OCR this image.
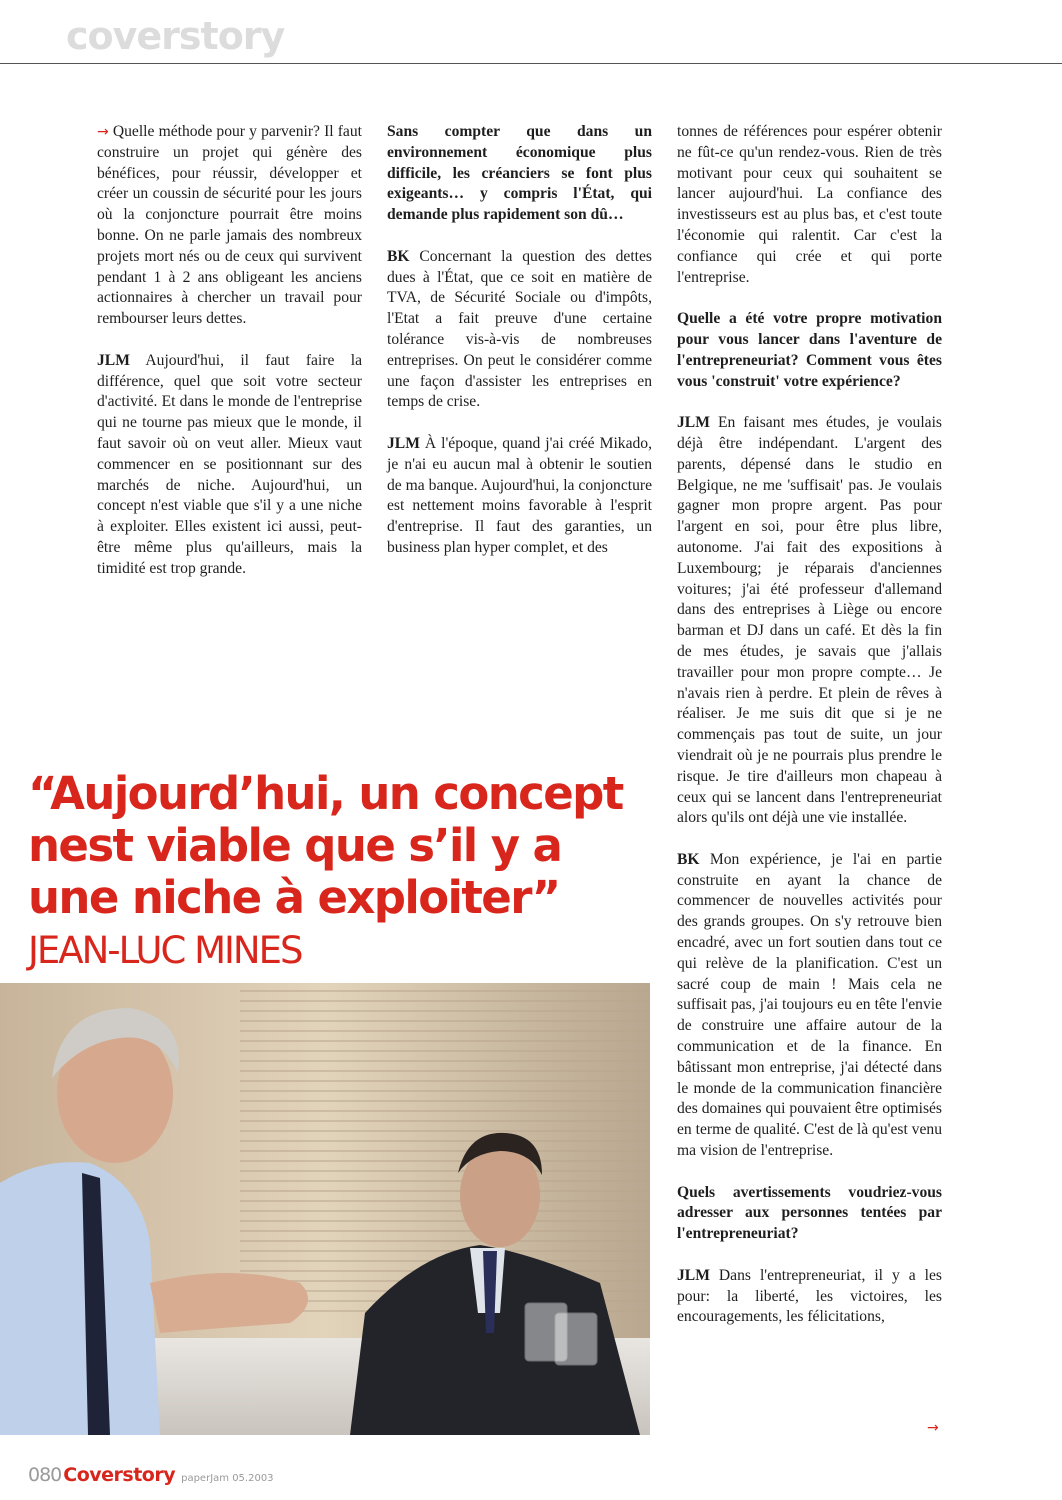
coverstory

→ Quelle méthode pour y parvenir? Il faut construire un projet qui génère des bénéfices, pour réussir, développer et créer un coussin de sécurité pour les jours où la conjoncture pourrait être moins bonne. On ne parle jamais des nombreux projets mort nés ou de ceux qui survivent pendant 1 à 2 ans obligeant les anciens actionnaires à chercher un travail pour rembourser leurs dettes.

JLM Aujourd'hui, il faut faire la différence, quel que soit votre secteur d'activité. Et dans le monde de l'entreprise qui ne tourne pas mieux que le monde, il faut savoir où on veut aller. Mieux vaut commencer en se positionnant sur des marchés de niche. Aujourd'hui, un concept n'est viable que s'il y a une niche à exploiter. Elles existent ici aussi, peut-être même plus qu'ailleurs, mais la timidité est trop grande.

Sans compter que dans un environnement économique plus difficile, les créanciers se font plus exigeants… y compris l'État, qui demande plus rapidement son dû…

BK Concernant la question des dettes dues à l'État, que ce soit en matière de TVA, de Sécurité Sociale ou d'impôts, l'Etat a fait preuve d'une certaine tolérance vis-à-vis de nombreuses entreprises. On peut le considérer comme une façon d'assister les entreprises en temps de crise.

JLM À l'époque, quand j'ai créé Mikado, je n'ai eu aucun mal à obtenir le soutien de ma banque. Aujourd'hui, la conjoncture est nettement moins favorable à l'esprit d'entreprise. Il faut des garanties, un business plan hyper complet, et des

tonnes de références pour espérer obtenir ne fût-ce qu'un rendez-vous. Rien de très motivant pour ceux qui souhaitent se lancer aujourd'hui. La confiance des investisseurs est au plus bas, et c'est toute l'économie qui ralentit. Car c'est la confiance qui crée et qui porte l'entreprise.

Quelle a été votre propre motivation pour vous lancer dans l'aventure de l'entrepreneuriat? Comment vous êtes vous 'construit' votre expérience?

JLM En faisant mes études, je voulais déjà être indépendant. L'argent des parents, dépensé dans le studio en Belgique, ne me 'suffisait' pas. Je voulais gagner mon propre argent. Pas pour l'argent en soi, pour être plus libre, autonome. J'ai fait des expositions à Luxembourg; je réparais d'anciennes voitures; j'ai été professeur d'allemand dans des entreprises à Liège ou encore barman et DJ dans un café. Et dès la fin de mes études, je savais que j'allais travailler pour mon propre compte… Je n'avais rien à perdre. Et plein de rêves à réaliser. Je me suis dit que si je ne commençais pas tout de suite, un jour viendrait où je ne pourrais plus prendre le risque. Je tire d'ailleurs mon chapeau à ceux qui se lancent dans l'entrepreneuriat alors qu'ils ont déjà une vie installée.

BK Mon expérience, je l'ai en partie construite en ayant la chance de commencer de nouvelles activités pour des grands groupes. On s'y retrouve bien encadré, avec un fort soutien dans tout ce qui relève de la planification. C'est un sacré coup de main ! Mais cela ne suffisait pas, j'ai toujours eu en tête l'envie de construire une affaire autour de la communication et de la finance. En bâtissant mon entreprise, j'ai détecté dans le monde de la communication financière des domaines qui pouvaient être optimisés en terme de qualité. C'est de là qu'est venu ma vision de l'entreprise.

Quels avertissements voudriez-vous adresser aux personnes tentées par l'entrepreneuriat?

JLM Dans l'entrepreneuriat, il y a les pour: la liberté, les victoires, les encouragements, les félicitations,

→
“Aujourd’hui, un concept
nest viable que s’il y a
une niche à exploiter”
JEAN-LUC MINES
080 Coverstory paperJam 05.2003
